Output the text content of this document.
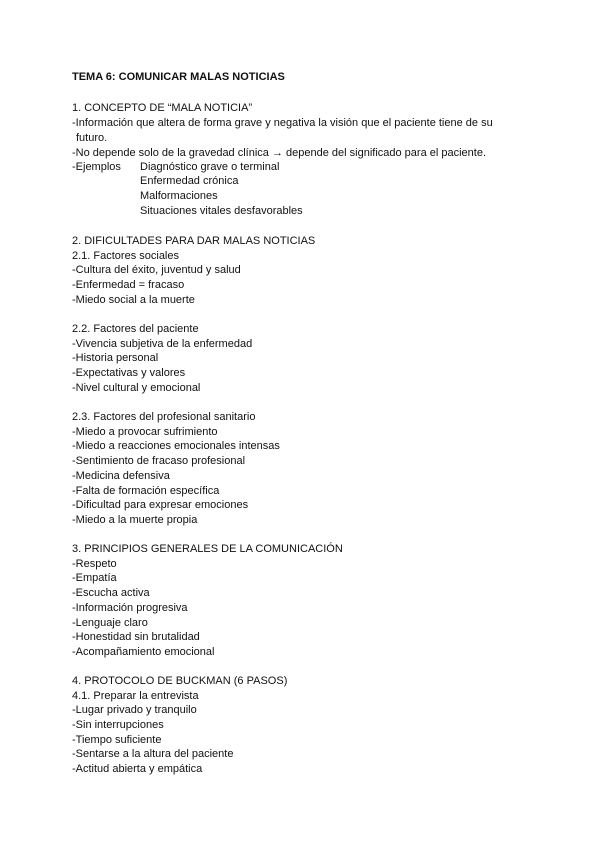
TEMA 6: COMUNICAR MALAS NOTICIAS
1. CONCEPTO DE “MALA NOTICIA”
-Información que altera de forma grave y negativa la visión que el paciente tiene de su
futuro.
-No depende solo de la gravedad clínica → depende del significado para el paciente.
-Ejemplos Diagnóstico grave o terminal
Enfermedad crónica
Malformaciones
Situaciones vitales desfavorables
2. DIFICULTADES PARA DAR MALAS NOTICIAS
2.1. Factores sociales
-Cultura del éxito, juventud y salud
-Enfermedad = fracaso
-Miedo social a la muerte
2.2. Factores del paciente
-Vivencia subjetiva de la enfermedad
-Historia personal
-Expectativas y valores
-Nivel cultural y emocional
2.3. Factores del profesional sanitario
-Miedo a provocar sufrimiento
-Miedo a reacciones emocionales intensas
-Sentimiento de fracaso profesional
-Medicina defensiva
-Falta de formación específica
-Dificultad para expresar emociones
-Miedo a la muerte propia
3. PRINCIPIOS GENERALES DE LA COMUNICACIÓN
-Respeto
-Empatía
-Escucha activa
-Información progresiva
-Lenguaje claro
-Honestidad sin brutalidad
-Acompañamiento emocional
4. PROTOCOLO DE BUCKMAN (6 PASOS)
4.1. Preparar la entrevista
-Lugar privado y tranquilo
-Sin interrupciones
-Tiempo suficiente
-Sentarse a la altura del paciente
-Actitud abierta y empática
